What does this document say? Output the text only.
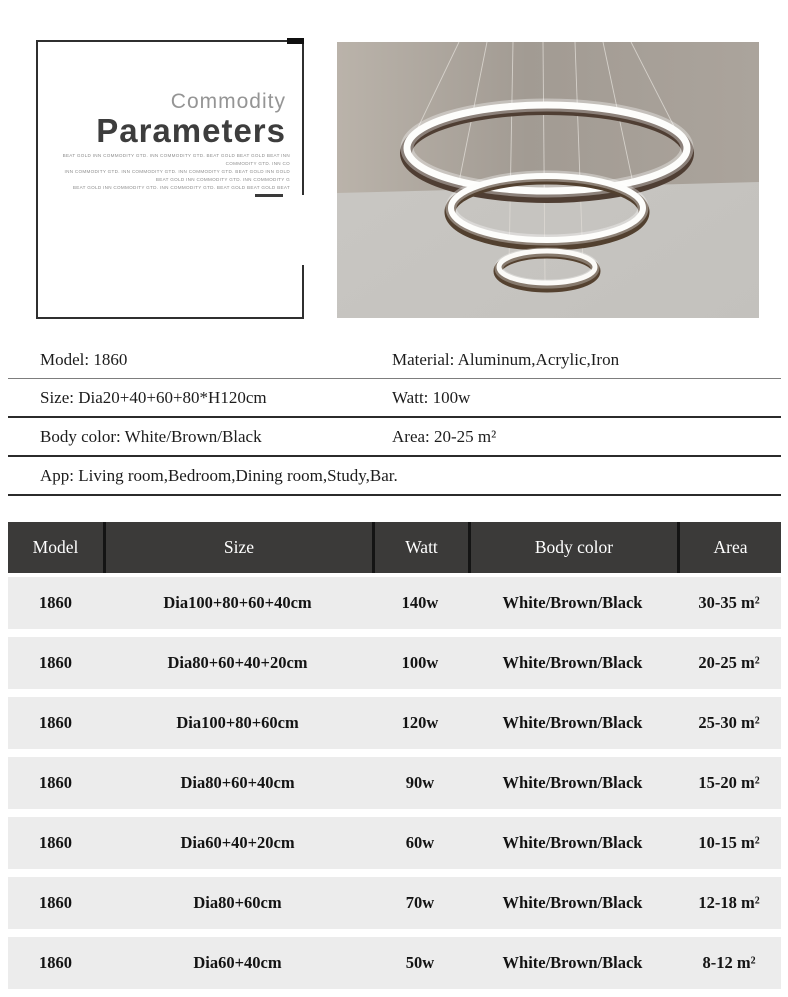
Commodity
Parameters
BEAT GOLD INN COMMODITY GTD. INN COMMODITY GTD. BEAT GOLD BEAT GOLD BEAT INN COMMODITY GTD. INN CO
INN COMMODITY GTD. INN COMMODITY GTD. INN COMMODITY GTD. BEAT GOLD INN GOLD BEAT GOLD INN COMMODITY GTD. INN COMMODITY G
BEAT GOLD INN COMMODITY GTD. INN COMMODITY GTD. BEAT GOLD BEAT GOLD BEAT
Model: 1860	Material: Aluminum,Acrylic,Iron
Size: Dia20+40+60+80*H120cm	Watt: 100w
Body color: White/Brown/Black	Area: 20-25 m²
App: Living room,Bedroom,Dining room,Study,Bar.
Model	Size	Watt	Body color	Area
1860	Dia100+80+60+40cm	140w	White/Brown/Black	30-35 m²
1860	Dia80+60+40+20cm	100w	White/Brown/Black	20-25 m²
1860	Dia100+80+60cm	120w	White/Brown/Black	25-30 m²
1860	Dia80+60+40cm	90w	White/Brown/Black	15-20 m²
1860	Dia60+40+20cm	60w	White/Brown/Black	10-15 m²
1860	Dia80+60cm	70w	White/Brown/Black	12-18 m²
1860	Dia60+40cm	50w	White/Brown/Black	8-12 m²
